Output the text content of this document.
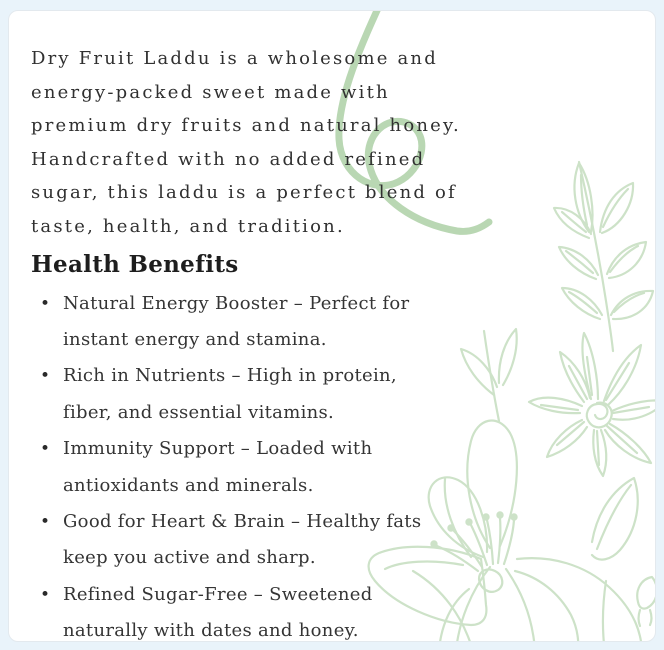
Dry Fruit Laddu is a wholesome and
energy-packed sweet made with
premium dry fruits and natural honey.
Handcrafted with no added refined
sugar, this laddu is a perfect blend of
taste, health, and tradition.

Health Benefits
• Natural Energy Booster – Perfect for
instant energy and stamina.
• Rich in Nutrients – High in protein,
fiber, and essential vitamins.
• Immunity Support – Loaded with
antioxidants and minerals.
• Good for Heart & Brain – Healthy fats
keep you active and sharp.
• Refined Sugar-Free – Sweetened
naturally with dates and honey.
